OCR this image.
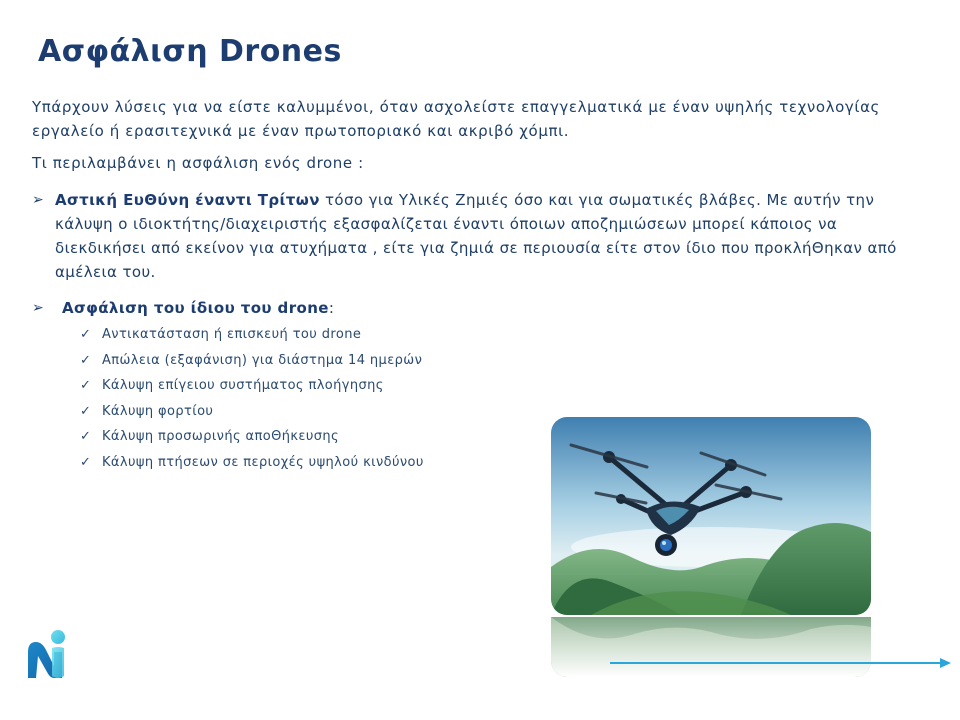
Ασφάλιση Drones
Υπάρχουν λύσεις για να είστε καλυμμένοι, όταν ασχολείστε επαγγελματικά με έναν υψηλής τεχνολογίας εργαλείο ή ερασιτεχνικά με έναν πρωτοποριακό και ακριβό χόμπι.
Τι περιλαμβάνει η ασφάλιση ενός drone :
➢ Αστική ΕυΘύνη έναντι Τρίτων τόσο για Υλικές Ζημιές όσο και για σωματικές βλάβες. Με αυτήν την κάλυψη ο ιδιοκτήτης/διαχειριστής εξασφαλίζεται έναντι όποιων αποζημιώσεων μπορεί κάποιος να διεκδικήσει από εκείνον για ατυχήματα , είτε για ζημιά σε περιουσία είτε στον ίδιο που προκλήΘηκαν από αμέλεια του.
➢	Ασφάλιση του ίδιου του drone:
✓ Αντικατάσταση ή επισκευή του drone
✓ Απώλεια (εξαφάνιση) για διάστημα 14 ημερών
✓ Κάλυψη επίγειου συστήματος πλοήγησης
✓ Κάλυψη φορτίου
✓ Κάλυψη προσωρινής αποΘήκευσης
✓ Κάλυψη πτήσεων σε περιοχές υψηλού κινδύνου
